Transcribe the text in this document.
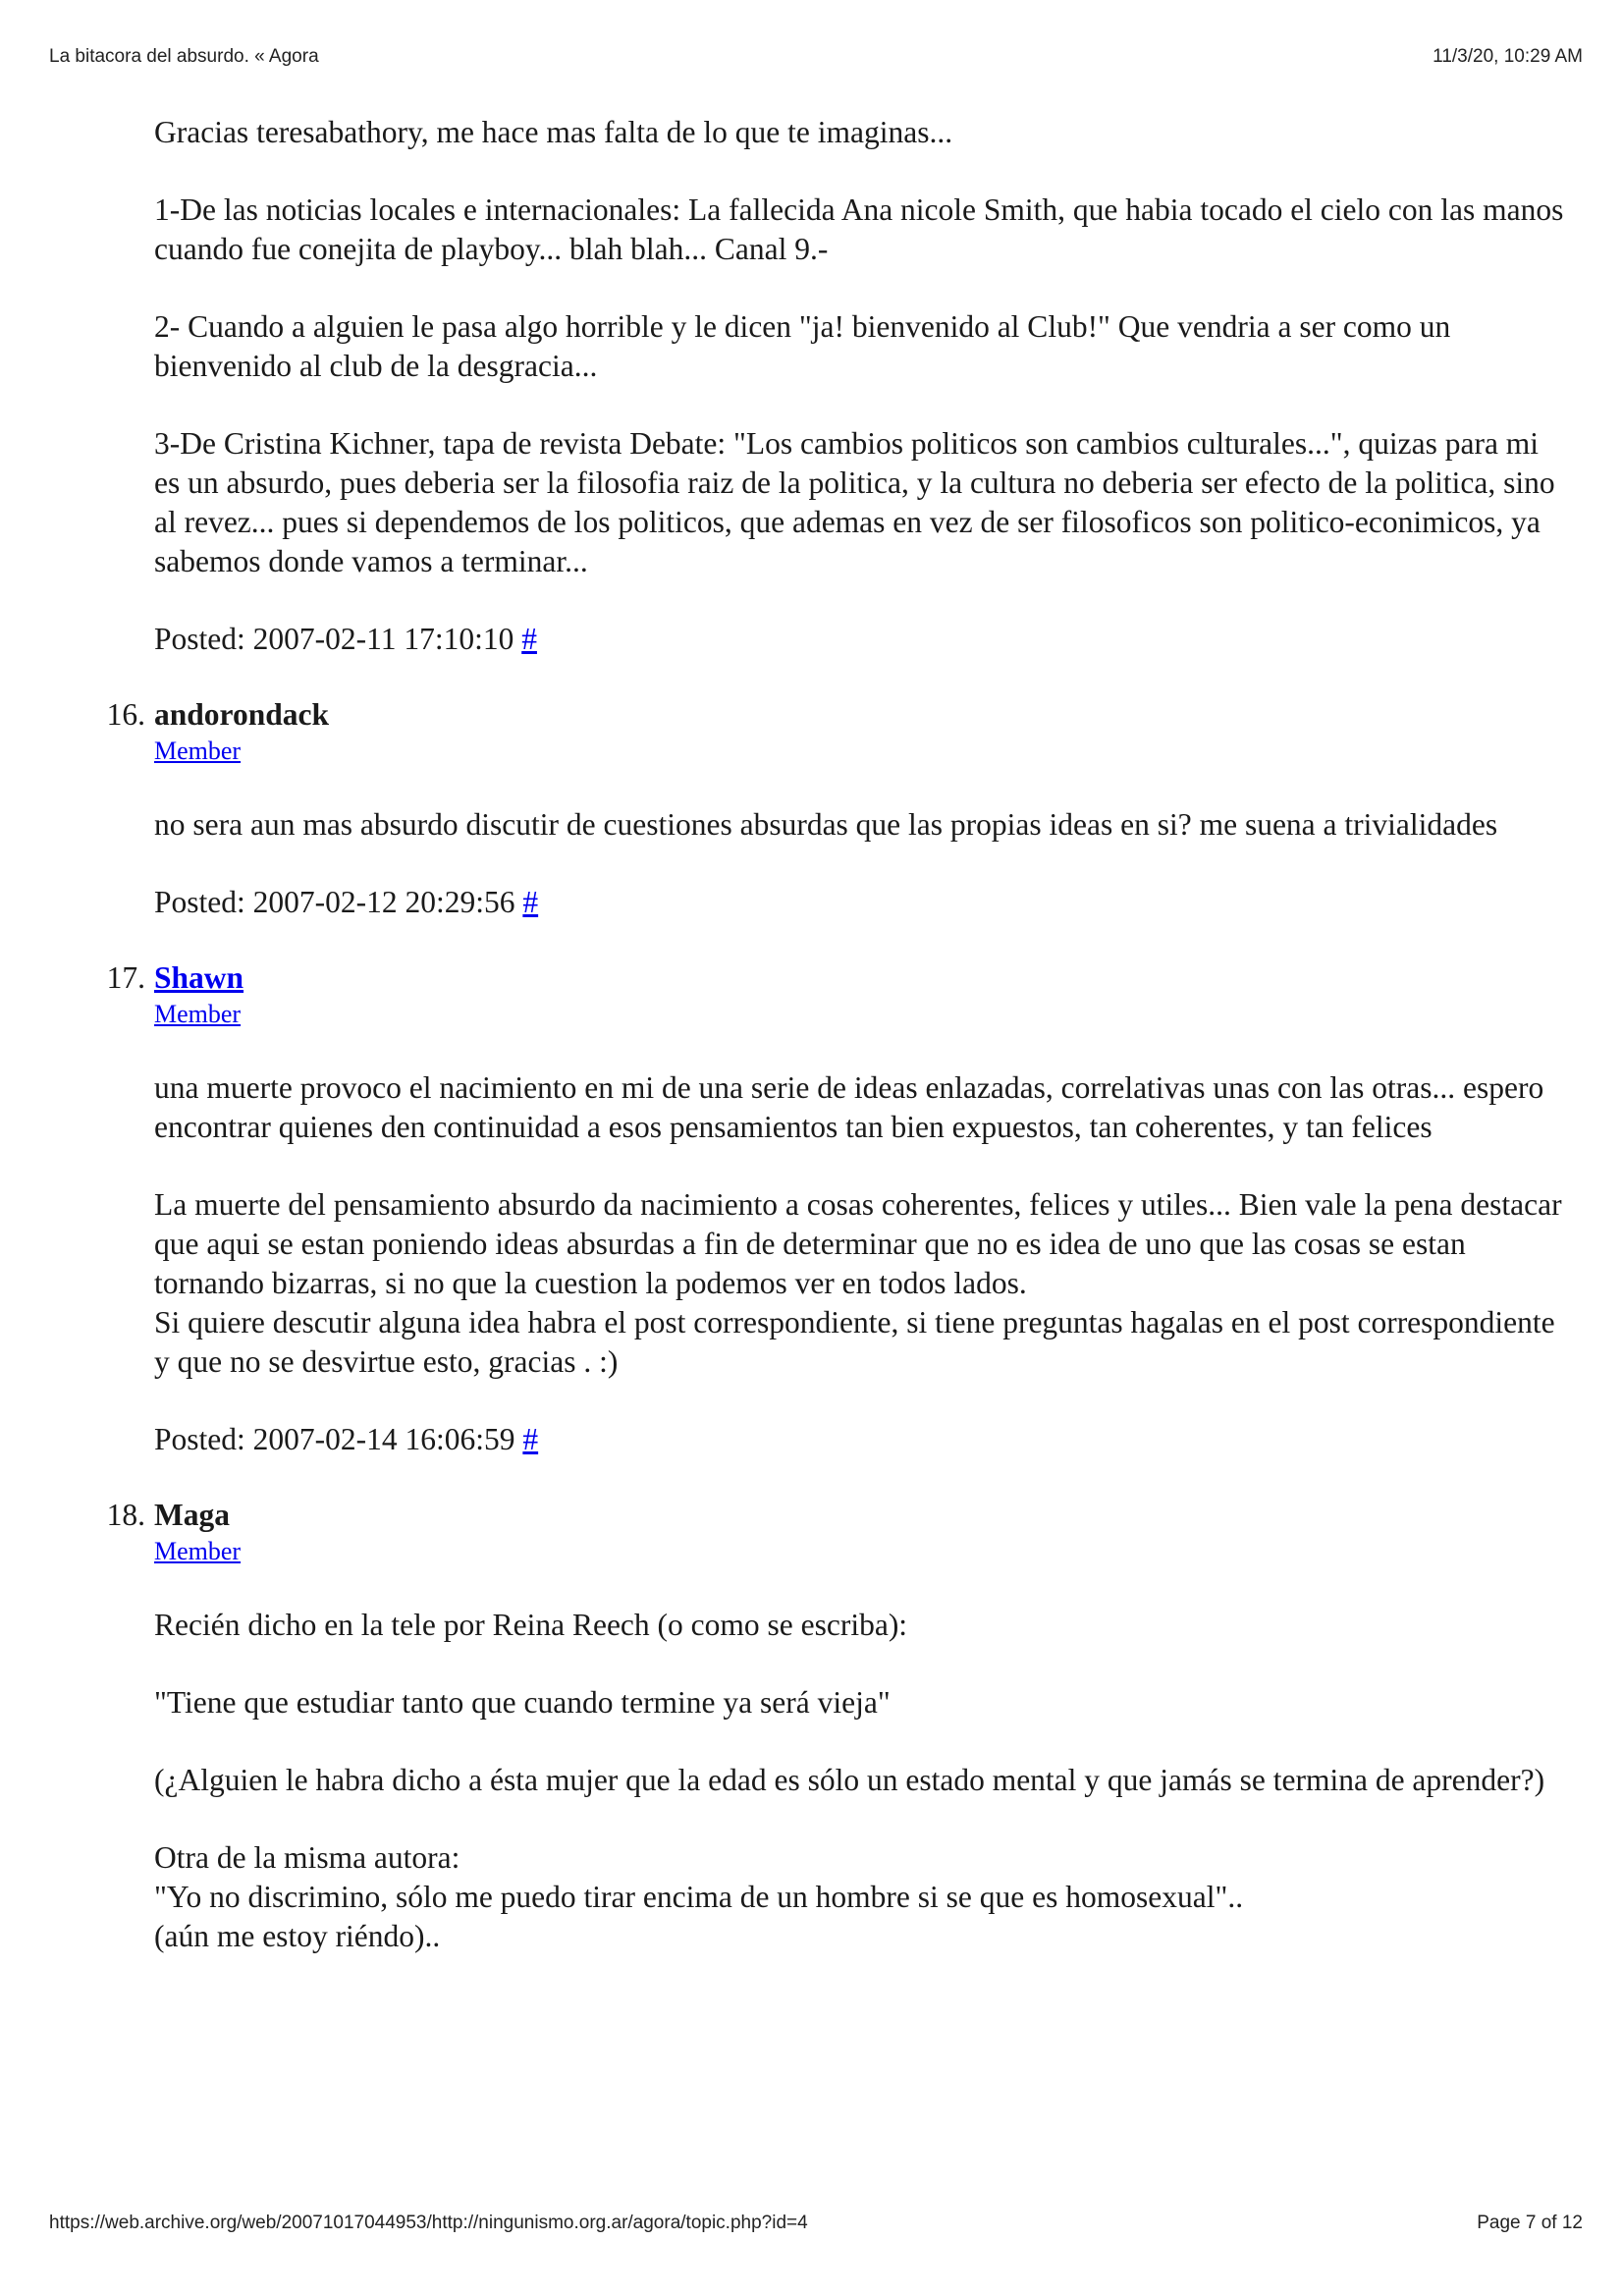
La bitacora del absurdo. « Agora	11/3/20, 10:29 AM

Gracias teresabathory, me hace mas falta de lo que te imaginas...

1-De las noticias locales e internacionales: La fallecida Ana nicole Smith, que habia tocado el cielo con las manos cuando fue conejita de playboy... blah blah... Canal 9.-

2- Cuando a alguien le pasa algo horrible y le dicen "ja! bienvenido al Club!" Que vendria a ser como un bienvenido al club de la desgracia...

3-De Cristina Kichner, tapa de revista Debate: "Los cambios politicos son cambios culturales...", quizas para mi es un absurdo, pues deberia ser la filosofia raiz de la politica, y la cultura no deberia ser efecto de la politica, sino al revez... pues si dependemos de los politicos, que ademas en vez de ser filosoficos son politico-econimicos, ya sabemos donde vamos a terminar...

Posted: 2007-02-11 17:10:10 #

16. andorondack
Member

no sera aun mas absurdo discutir de cuestiones absurdas que las propias ideas en si? me suena a trivialidades

Posted: 2007-02-12 20:29:56 #

17. Shawn
Member

una muerte provoco el nacimiento en mi de una serie de ideas enlazadas, correlativas unas con las otras... espero encontrar quienes den continuidad a esos pensamientos tan bien expuestos, tan coherentes, y tan felices

La muerte del pensamiento absurdo da nacimiento a cosas coherentes, felices y utiles... Bien vale la pena destacar que aqui se estan poniendo ideas absurdas a fin de determinar que no es idea de uno que las cosas se estan tornando bizarras, si no que la cuestion la podemos ver en todos lados.
Si quiere descutir alguna idea habra el post correspondiente, si tiene preguntas hagalas en el post correspondiente y que no se desvirtue esto, gracias . :)

Posted: 2007-02-14 16:06:59 #

18. Maga
Member

Recién dicho en la tele por Reina Reech (o como se escriba):

"Tiene que estudiar tanto que cuando termine ya será vieja"

(¿Alguien le habra dicho a ésta mujer que la edad es sólo un estado mental y que jamás se termina de aprender?)

Otra de la misma autora:
"Yo no discrimino, sólo me puedo tirar encima de un hombre si se que es homosexual"..
(aún me estoy riéndo)..

https://web.archive.org/web/20071017044953/http://ningunismo.org.ar/agora/topic.php?id=4	Page 7 of 12
